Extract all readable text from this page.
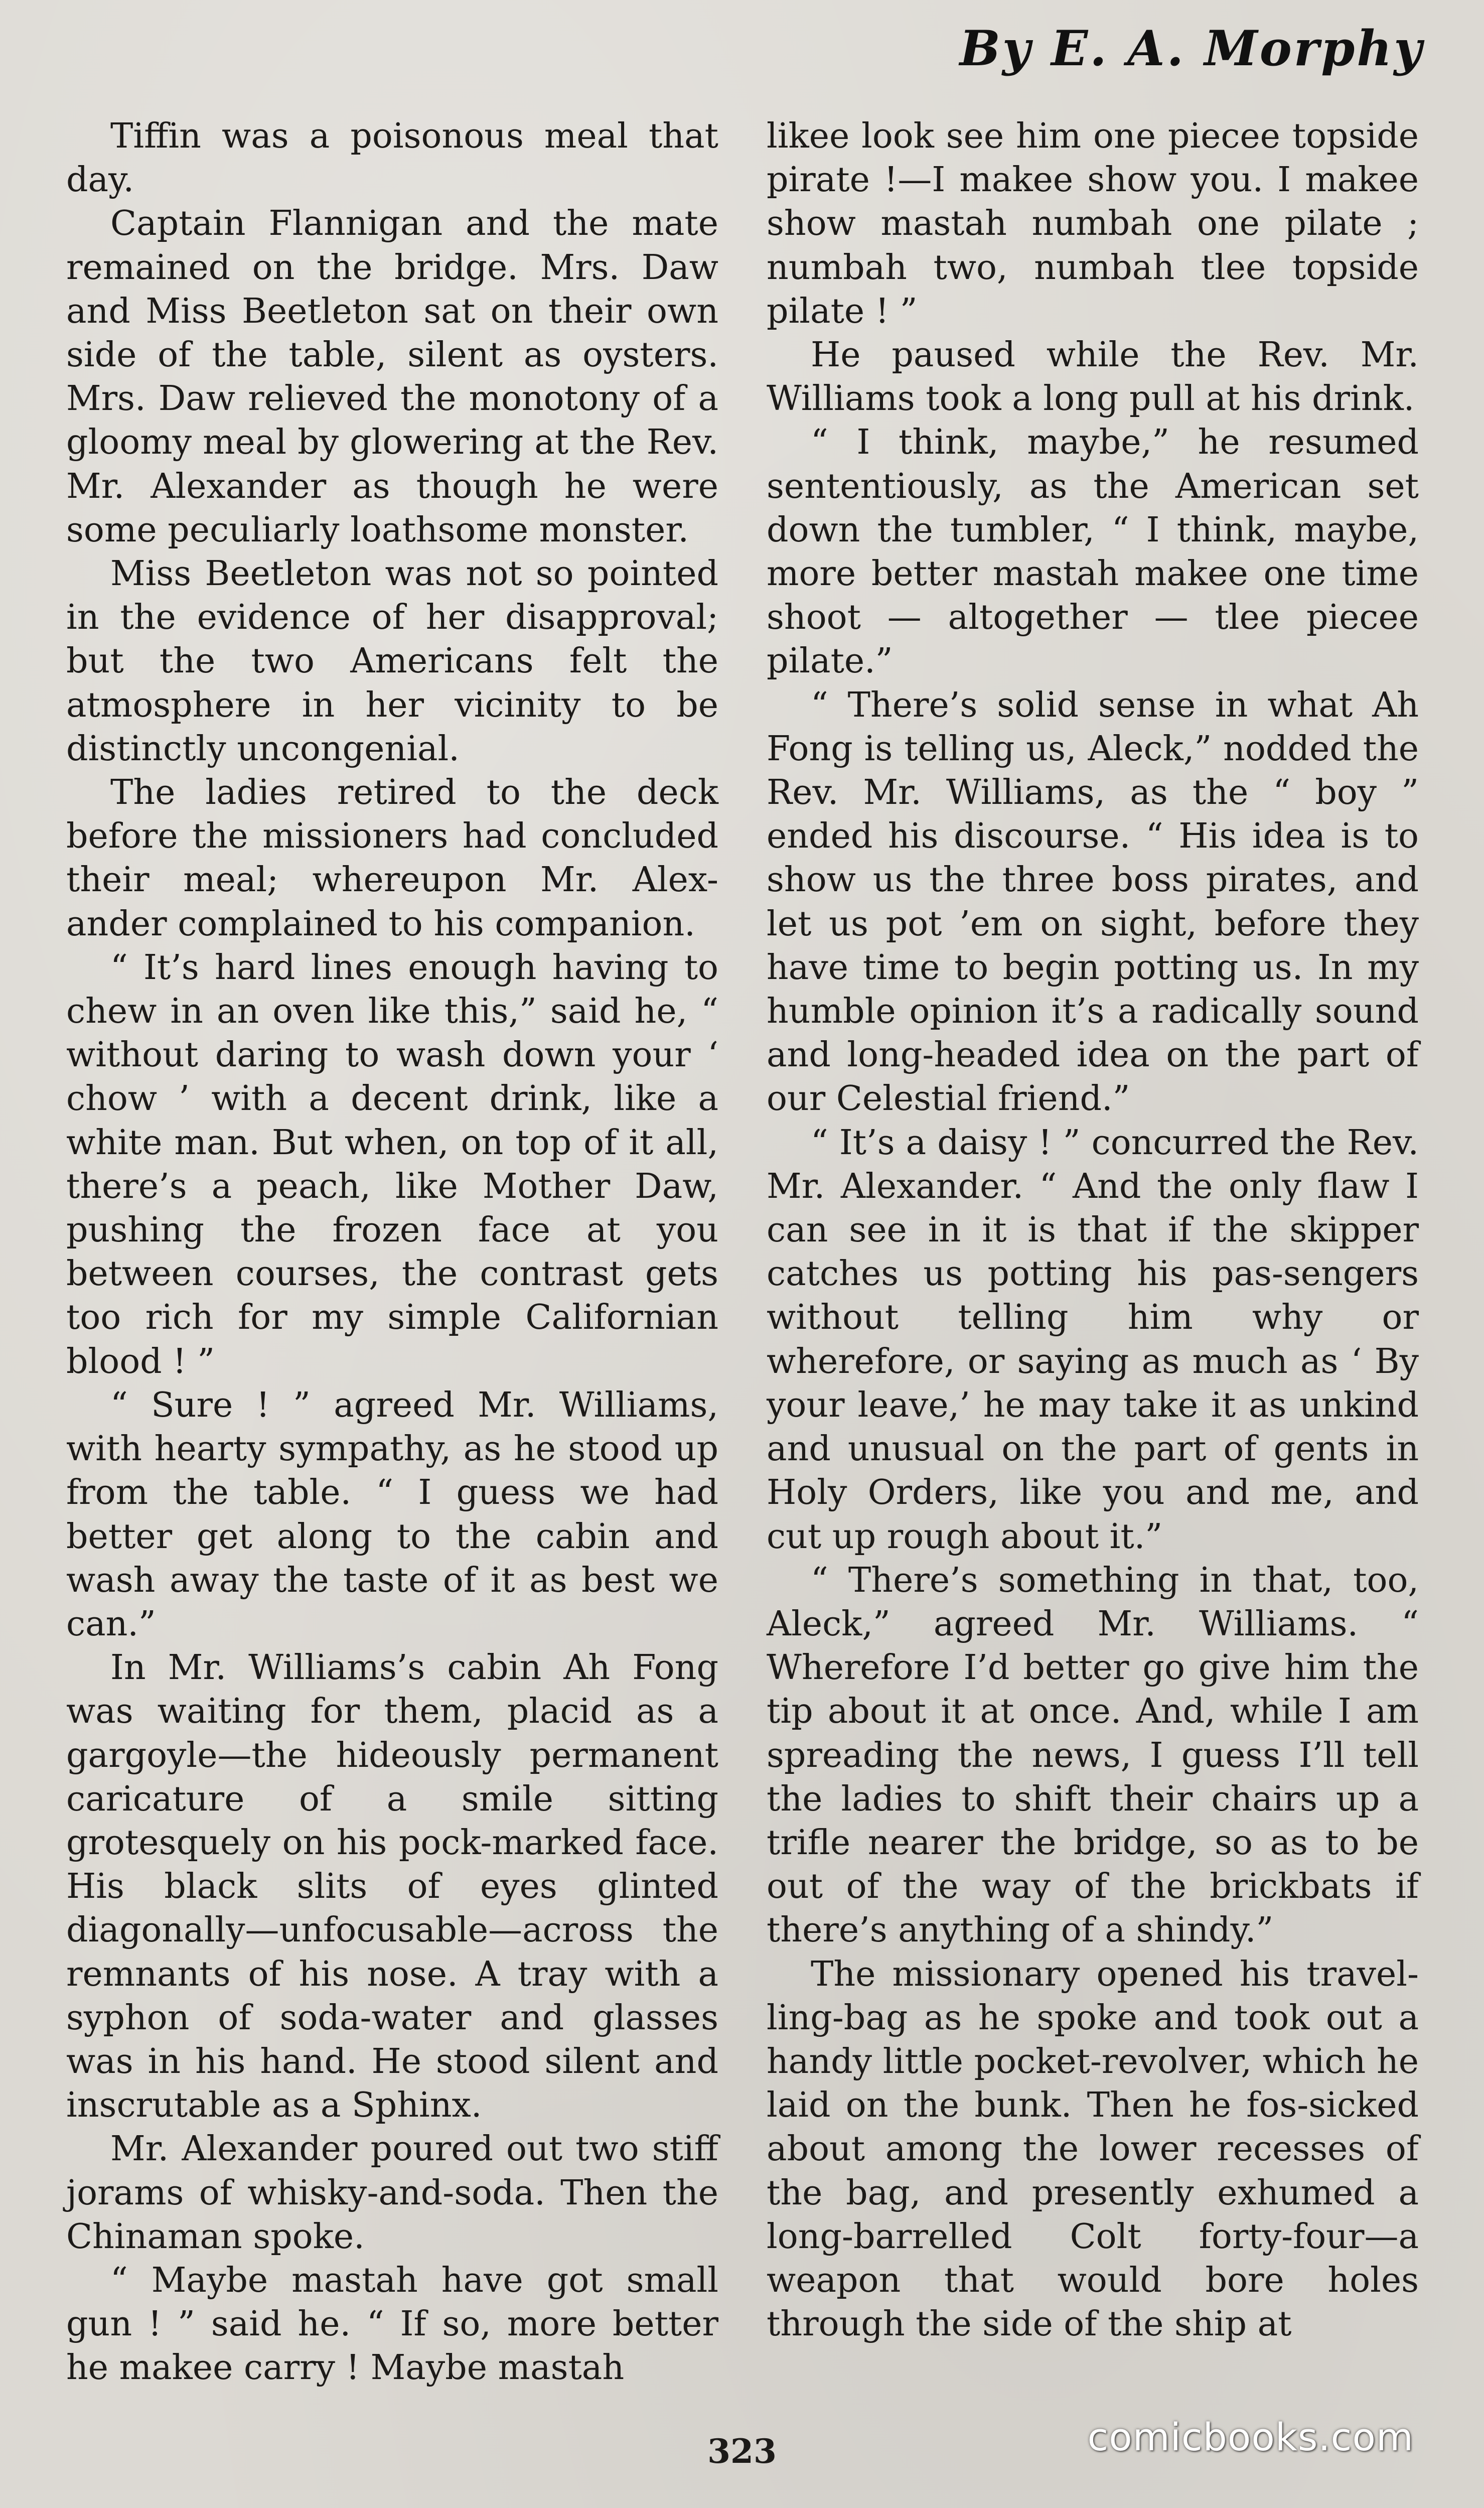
By E. A. Morphy

Tiffin was a poisonous meal that day.

Captain Flannigan and the mate remained on the bridge. Mrs. Daw and Miss Beetleton sat on their own side of the table, silent as oysters. Mrs. Daw relieved the monotony of a gloomy meal by glowering at the Rev. Mr. Alexander as though he were some peculiarly loathsome monster.

Miss Beetleton was not so pointed in the evidence of her disapproval; but the two Americans felt the atmosphere in her vicinity to be distinctly uncongenial.

The ladies retired to the deck before the missioners had concluded their meal; whereupon Mr. Alex-ander complained to his companion.

“ It’s hard lines enough having to chew in an oven like this,” said he, “ without daring to wash down your ‘ chow ’ with a decent drink, like a white man. But when, on top of it all, there’s a peach, like Mother Daw, pushing the frozen face at you between courses, the contrast gets too rich for my simple Californian blood ! ”

“ Sure ! ” agreed Mr. Williams, with hearty sympathy, as he stood up from the table. “ I guess we had better get along to the cabin and wash away the taste of it as best we can.”

In Mr. Williams’s cabin Ah Fong was waiting for them, placid as a gargoyle—the hideously permanent caricature of a smile sitting grotesquely on his pock-marked face. His black slits of eyes glinted diagonally—unfocusable—across the remnants of his nose. A tray with a syphon of soda-water and glasses was in his hand. He stood silent and inscrutable as a Sphinx.

Mr. Alexander poured out two stiff jorams of whisky-and-soda. Then the Chinaman spoke.

“ Maybe mastah have got small gun ! ” said he. “ If so, more better he makee carry ! Maybe mastah

likee look see him one piecee topside pirate !—I makee show you. I makee show mastah numbah one pilate ; numbah two, numbah tlee topside pilate ! ”

He paused while the Rev. Mr. Williams took a long pull at his drink.

“ I think, maybe,” he resumed sententiously, as the American set down the tumbler, “ I think, maybe, more better mastah makee one time shoot — altogether — tlee piecee pilate.”

“ There’s solid sense in what Ah Fong is telling us, Aleck,” nodded the Rev. Mr. Williams, as the “ boy ” ended his discourse. “ His idea is to show us the three boss pirates, and let us pot ’em on sight, before they have time to begin potting us. In my humble opinion it’s a radically sound and long-headed idea on the part of our Celestial friend.”

“ It’s a daisy ! ” concurred the Rev. Mr. Alexander. “ And the only flaw I can see in it is that if the skipper catches us potting his pas-sengers without telling him why or wherefore, or saying as much as ‘ By your leave,’ he may take it as unkind and unusual on the part of gents in Holy Orders, like you and me, and cut up rough about it.”

“ There’s something in that, too, Aleck,” agreed Mr. Williams. “ Wherefore I’d better go give him the tip about it at once. And, while I am spreading the news, I guess I’ll tell the ladies to shift their chairs up a trifle nearer the bridge, so as to be out of the way of the brickbats if there’s anything of a shindy.”

The missionary opened his travel-ling-bag as he spoke and took out a handy little pocket-revolver, which he laid on the bunk. Then he fos-sicked about among the lower recesses of the bag, and presently exhumed a long-barrelled Colt forty-four—a weapon that would bore holes through the side of the ship at

323	comicbooks.com
